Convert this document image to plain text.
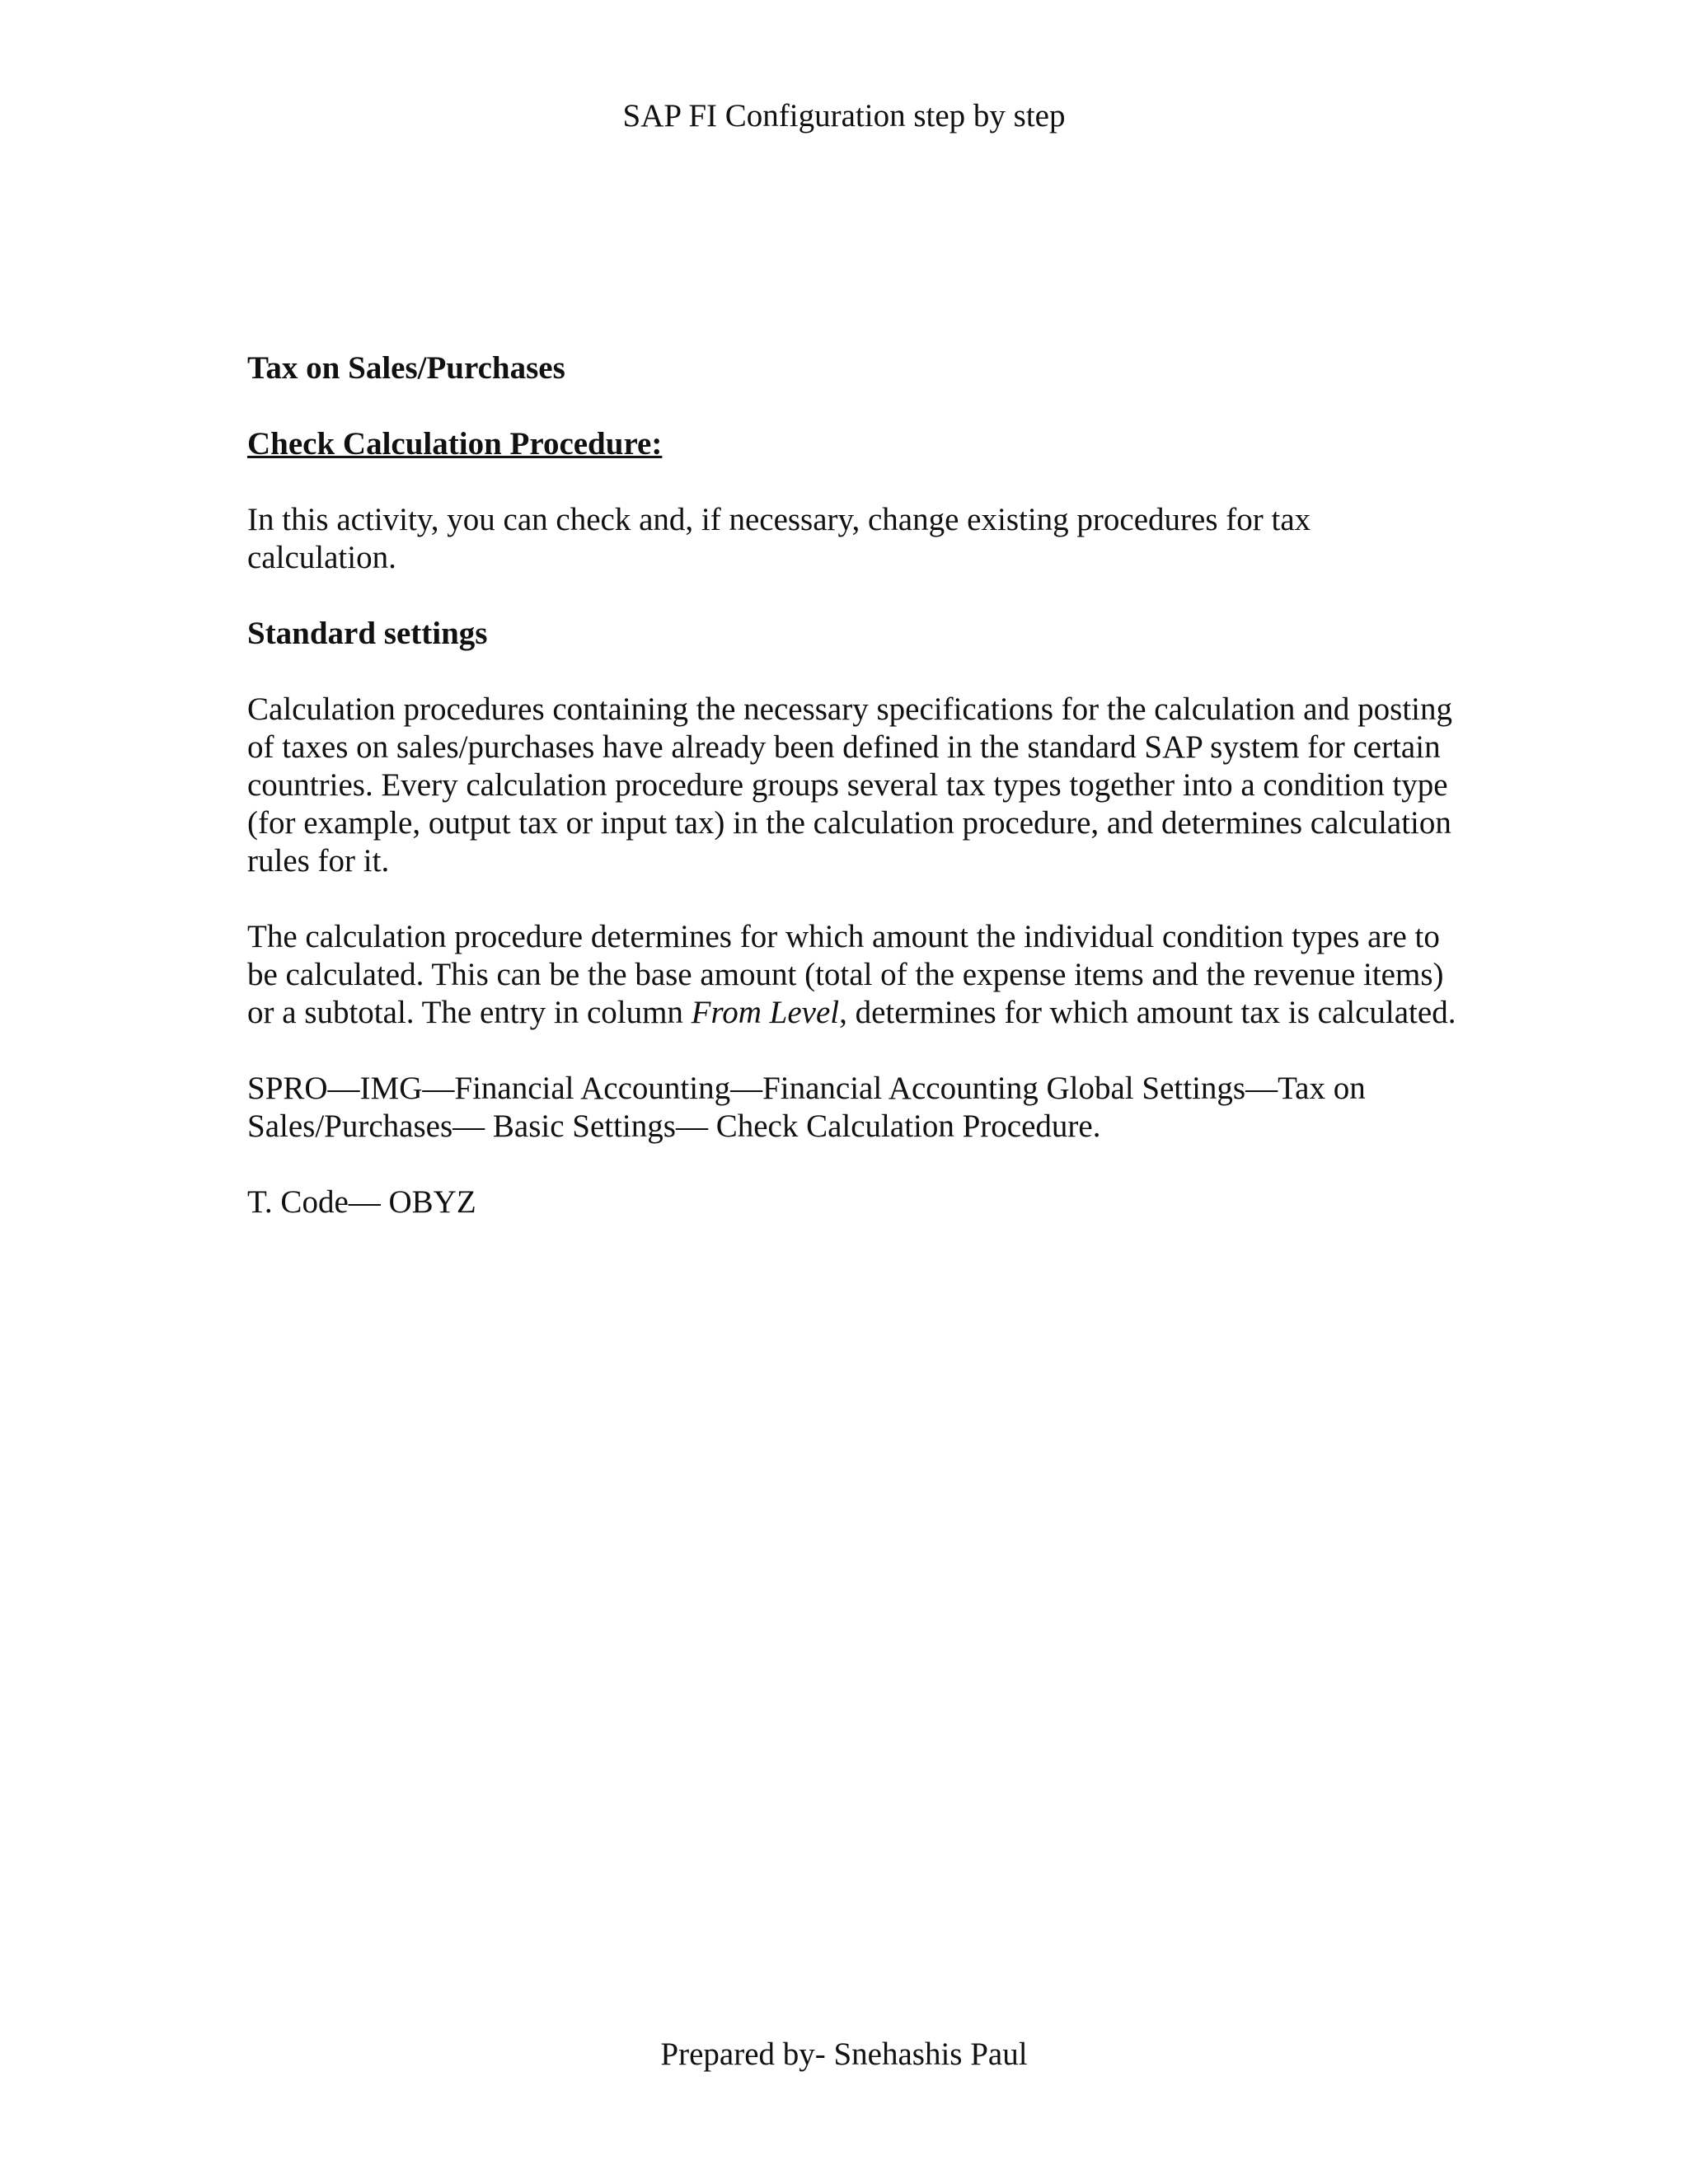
SAP FI Configuration step by step

Tax on Sales/Purchases

Check Calculation Procedure:

In this activity, you can check and, if necessary, change existing procedures for tax calculation.

Standard settings

Calculation procedures containing the necessary specifications for the calculation and posting of taxes on sales/purchases have already been defined in the standard SAP system for certain countries. Every calculation procedure groups several tax types together into a condition type (for example, output tax or input tax) in the calculation procedure, and determines calculation rules for it.

The calculation procedure determines for which amount the individual condition types are to be calculated. This can be the base amount (total of the expense items and the revenue items) or a subtotal. The entry in column From Level, determines for which amount tax is calculated.

SPRO—IMG—Financial Accounting—Financial Accounting Global Settings—Tax on Sales/Purchases— Basic Settings— Check Calculation Procedure.

T. Code— OBYZ

Prepared by- Snehashis Paul
